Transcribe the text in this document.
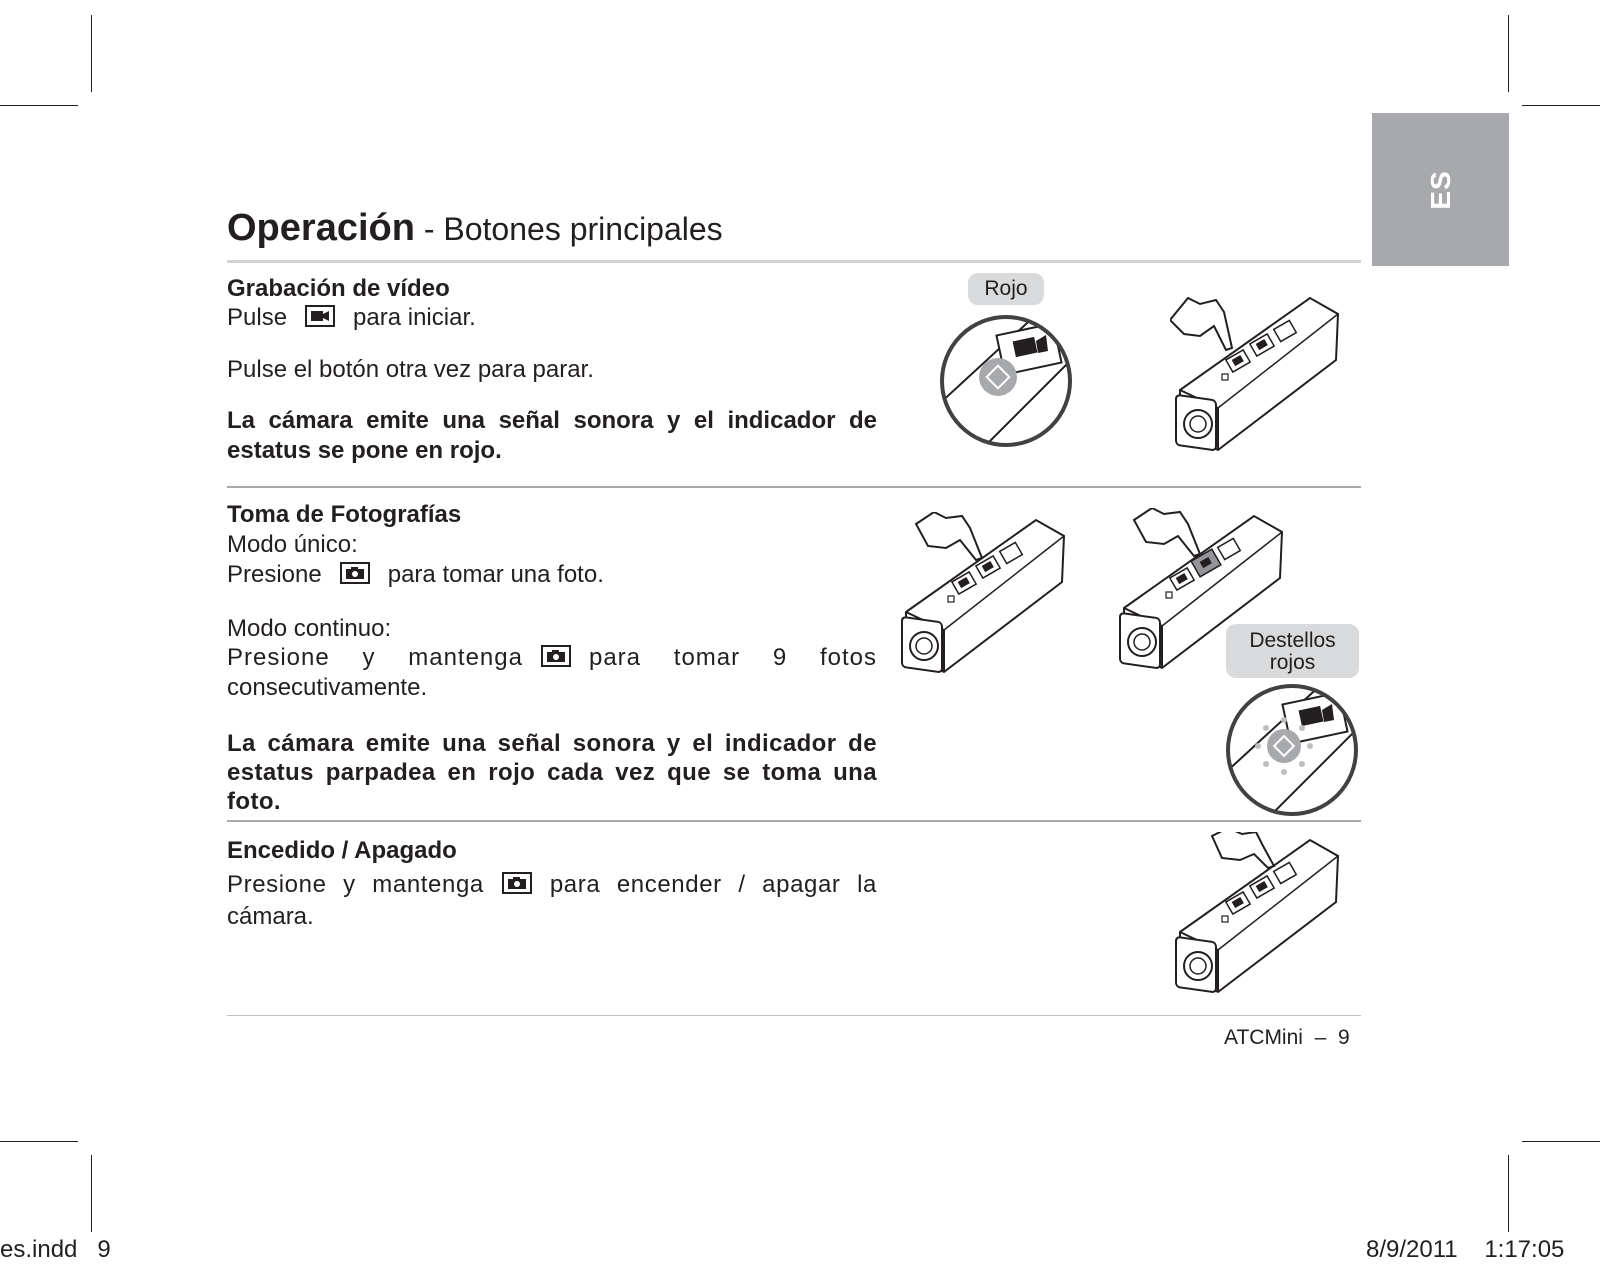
ES
Operación - Botones principales
Grabación de vídeo
Pulse	para iniciar.
Pulse el botón otra vez para parar.
La cámara emite una señal sonora y el indicador de estatus se pone en rojo.
Rojo
Toma de Fotografías
Modo único:
Presione	para tomar una foto.
Modo continuo:
Presione y mantenga	para tomar 9 fotos
consecutivamente.
La cámara emite una señal sonora y el indicador de estatus parpadea en rojo cada vez que se toma una foto.
Destellos
rojos
Encedido / Apagado
Presione y mantenga	para encender / apagar la
cámara.
ATCMini – 9
es.indd 9	8/9/2011 1:17:05
